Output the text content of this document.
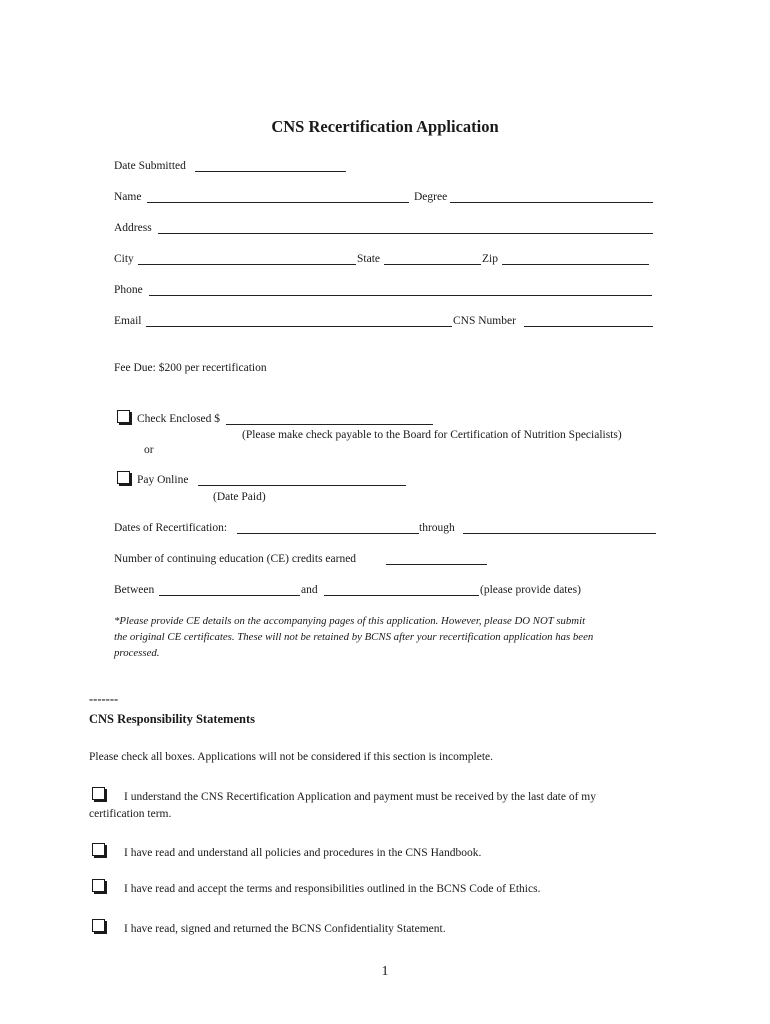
CNS Recertification Application
Date Submitted
Name	Degree
Address
City	State	Zip
Phone
Email	CNS Number
Fee Due: $200 per recertification
Check Enclosed $
(Please make check payable to the Board for Certification of Nutrition Specialists)
or
Pay Online
(Date Paid)
Dates of Recertification:	through
Number of continuing education (CE) credits earned
Between	and	(please provide dates)
*Please provide CE details on the accompanying pages of this application. However, please DO NOT submit
the original CE certificates. These will not be retained by BCNS after your recertification application has been
processed.
-------
CNS Responsibility Statements
Please check all boxes. Applications will not be considered if this section is incomplete.
I understand the CNS Recertification Application and payment must be received by the last date of my
certification term.
I have read and understand all policies and procedures in the CNS Handbook.
I have read and accept the terms and responsibilities outlined in the BCNS Code of Ethics.
I have read, signed and returned the BCNS Confidentiality Statement.
1
